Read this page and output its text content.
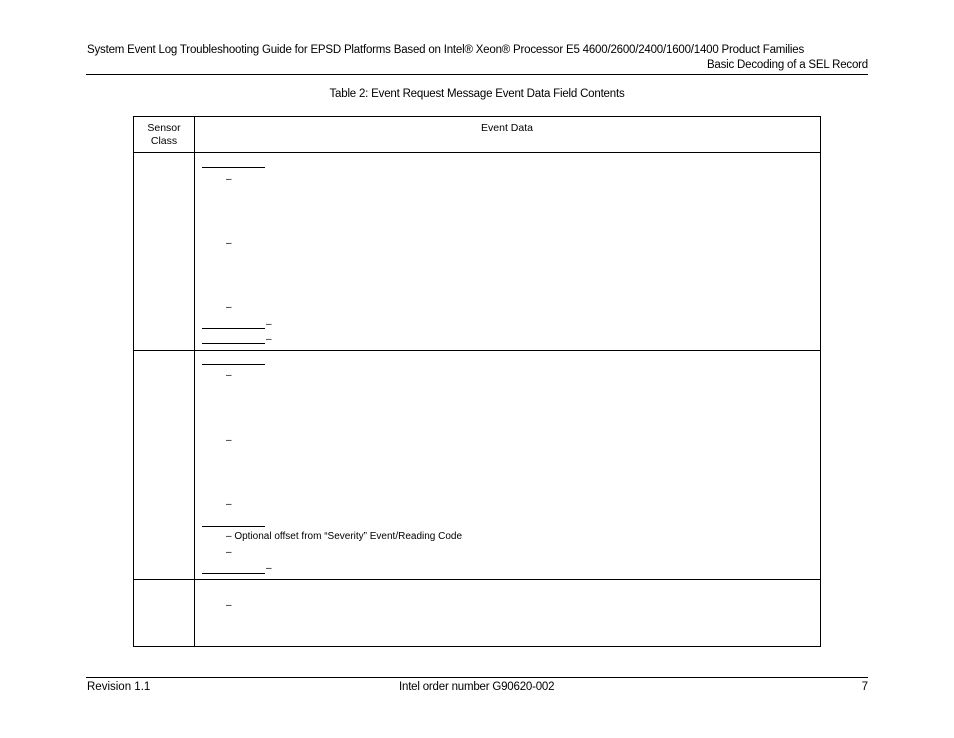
System Event Log Troubleshooting Guide for EPSD Platforms Based on Intel® Xeon® Processor E5 4600/2600/2400/1600/1400 Product Families
Basic Decoding of a SEL Record
Table 2: Event Request Message Event Data Field Contents
Sensor Class
Event Data
–
–
–
–
–
–
–
–
– Optional offset from “Severity” Event/Reading Code
–
–
–
Revision 1.1	Intel order number G90620-002	7
